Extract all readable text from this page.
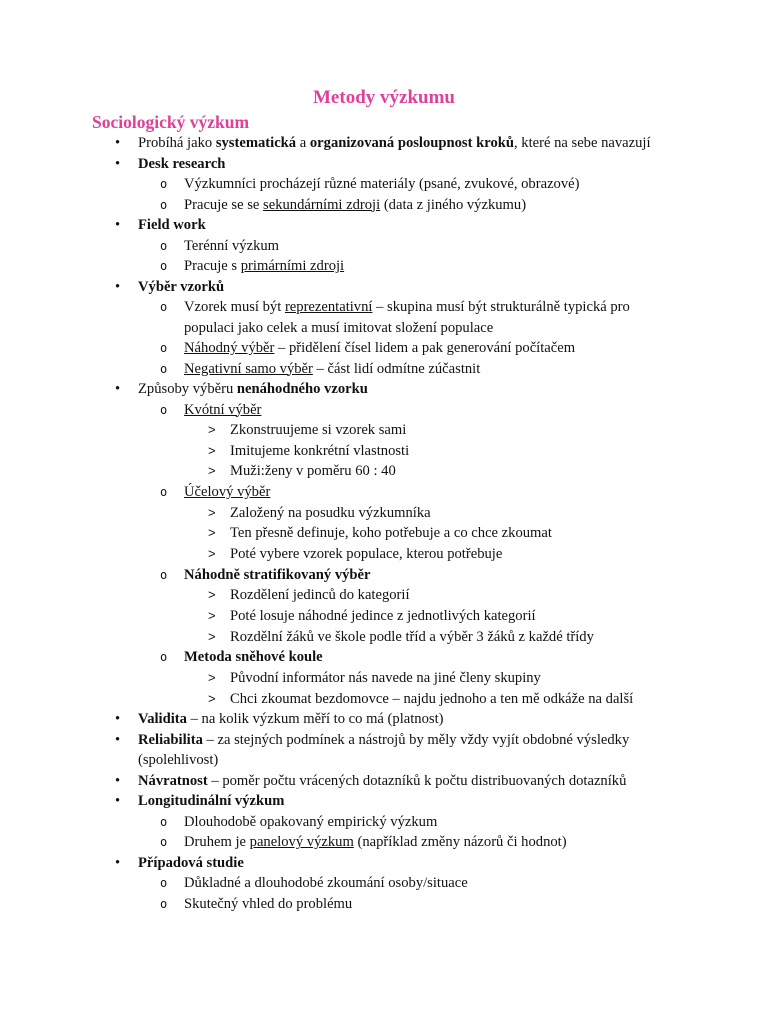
Metody výzkumu
Sociologický výzkum
• Probíhá jako systematická a organizovaná posloupnost kroků, které na sebe navazují
• Desk research
o Výzkumníci procházejí různé materiály (psané, zvukové, obrazové)
o Pracuje se se sekundárními zdroji (data z jiného výzkumu)
• Field work
o Terénní výzkum
o Pracuje s primárními zdroji
• Výběr vzorků
o Vzorek musí být reprezentativní – skupina musí být strukturálně typická pro populaci jako celek a musí imitovat složení populace
o Náhodný výběr – přidělení čísel lidem a pak generování počítačem
o Negativní samo výběr – část lidí odmítne zúčastnit
• Způsoby výběru nenáhodného vzorku
o Kvótní výběr
> Zkonstruujeme si vzorek sami
> Imitujeme konkrétní vlastnosti
> Muži:ženy v poměru 60 : 40
o Účelový výběr
> Založený na posudku výzkumníka
> Ten přesně definuje, koho potřebuje a co chce zkoumat
> Poté vybere vzorek populace, kterou potřebuje
o Náhodně stratifikovaný výběr
> Rozdělení jedinců do kategorií
> Poté losuje náhodné jedince z jednotlivých kategorií
> Rozdělní žáků ve škole podle tříd a výběr 3 žáků z každé třídy
o Metoda sněhové koule
> Původní informátor nás navede na jiné členy skupiny
> Chci zkoumat bezdomovce – najdu jednoho a ten mě odkáže na další
• Validita – na kolik výzkum měří to co má (platnost)
• Reliabilita – za stejných podmínek a nástrojů by měly vždy vyjít obdobné výsledky (spolehlivost)
• Návratnost – poměr počtu vrácených dotazníků k počtu distribuovaných dotazníků
• Longitudinální výzkum
o Dlouhodobě opakovaný empirický výzkum
o Druhem je panelový výzkum (například změny názorů či hodnot)
• Případová studie
o Důkladné a dlouhodobé zkoumání osoby/situace
o Skutečný vhled do problému
